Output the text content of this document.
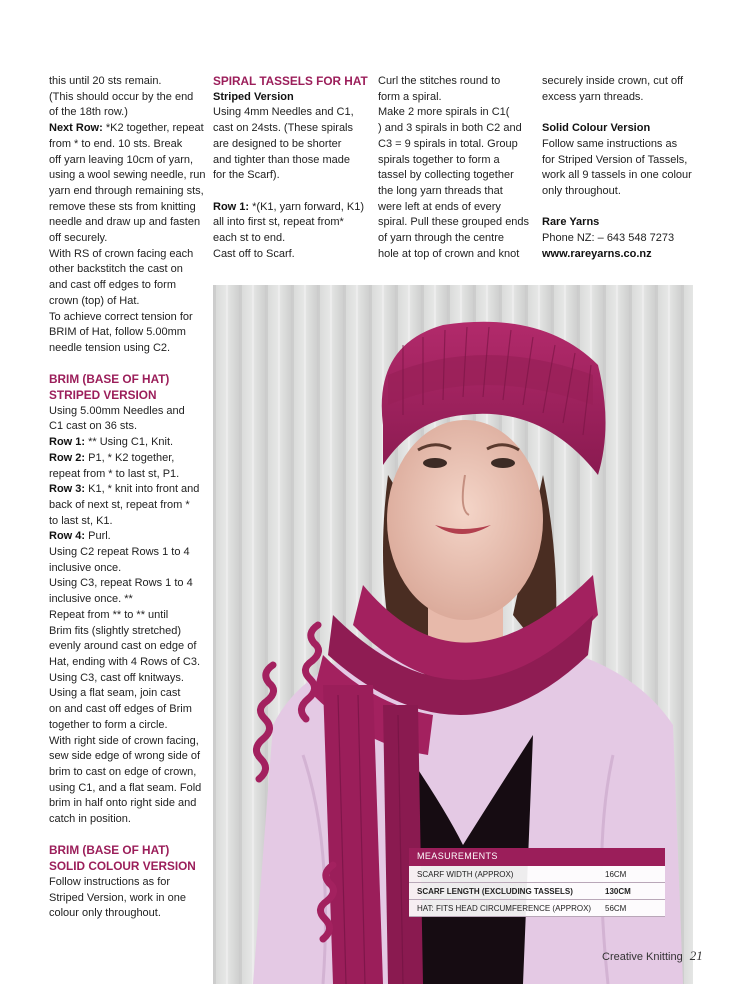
this until 20 sts remain.

(This should occur by the end

of the 18th row.)

Next Row: *K2 together, repeat

from * to end. 10 sts. Break

off yarn leaving 10cm of yarn,

using a wool sewing needle, run

yarn end through remaining sts,

remove these sts from knitting

needle and draw up and fasten

off securely.

With RS of crown facing each

other backstitch the cast on

and cast off edges to form

crown (top) of Hat.

To achieve correct tension for

BRIM of Hat, follow 5.00mm

needle tension using C2.

BRIM (BASE OF HAT)

STRIPED VERSION

Using 5.00mm Needles and

C1 cast on 36 sts.

Row 1: ** Using C1, Knit.

Row 2: P1, * K2 together,

repeat from * to last st, P1.

Row 3: K1, * knit into front and

back of next st, repeat from *

to last st, K1.

Row 4: Purl.

Using C2 repeat Rows 1 to 4

inclusive once.

Using C3, repeat Rows 1 to 4

inclusive once. **

Repeat from ** to ** until

Brim fits (slightly stretched)

evenly around cast on edge of

Hat, ending with 4 Rows of C3.

Using C3, cast off knitways.

Using a flat seam, join cast

on and cast off edges of Brim

together to form a circle.

With right side of crown facing,

sew side edge of wrong side of

brim to cast on edge of crown,

using C1, and a flat seam. Fold

brim in half onto right side and

catch in position.

BRIM (BASE OF HAT)

SOLID COLOUR VERSION

Follow instructions as for

Striped Version, work in one

colour only throughout.

SPIRAL TASSELS FOR HAT

Striped Version

Using 4mm Needles and C1,

cast on 24sts. (These spirals

are designed to be shorter

and tighter than those made

for the Scarf).

Row 1: *(K1, yarn forward, K1)

all into first st, repeat from*

each st to end.

Cast off to Scarf.

Curl the stitches round to

form a spiral.

Make 2 more spirals in C1(

) and 3 spirals in both C2 and

C3 = 9 spirals in total. Group

spirals together to form a

tassel by collecting together

the long yarn threads that

were left at ends of every

spiral. Pull these grouped ends

of yarn through the centre

hole at top of crown and knot

securely inside crown, cut off

excess yarn threads.

Solid Colour Version

Follow same instructions as

for Striped Version of Tassels,

work all 9 tassels in one colour

only throughout.

Rare Yarns

Phone NZ: – 643 548 7273

www.rareyarns.co.nz

MEASUREMENTS
SCARF WIDTH (APPROX)	16CM
SCARF LENGTH (EXCLUDING TASSELS)	130CM
HAT: FITS HEAD CIRCUMFERENCE (APPROX)	56CM
Creative Knitting 21
